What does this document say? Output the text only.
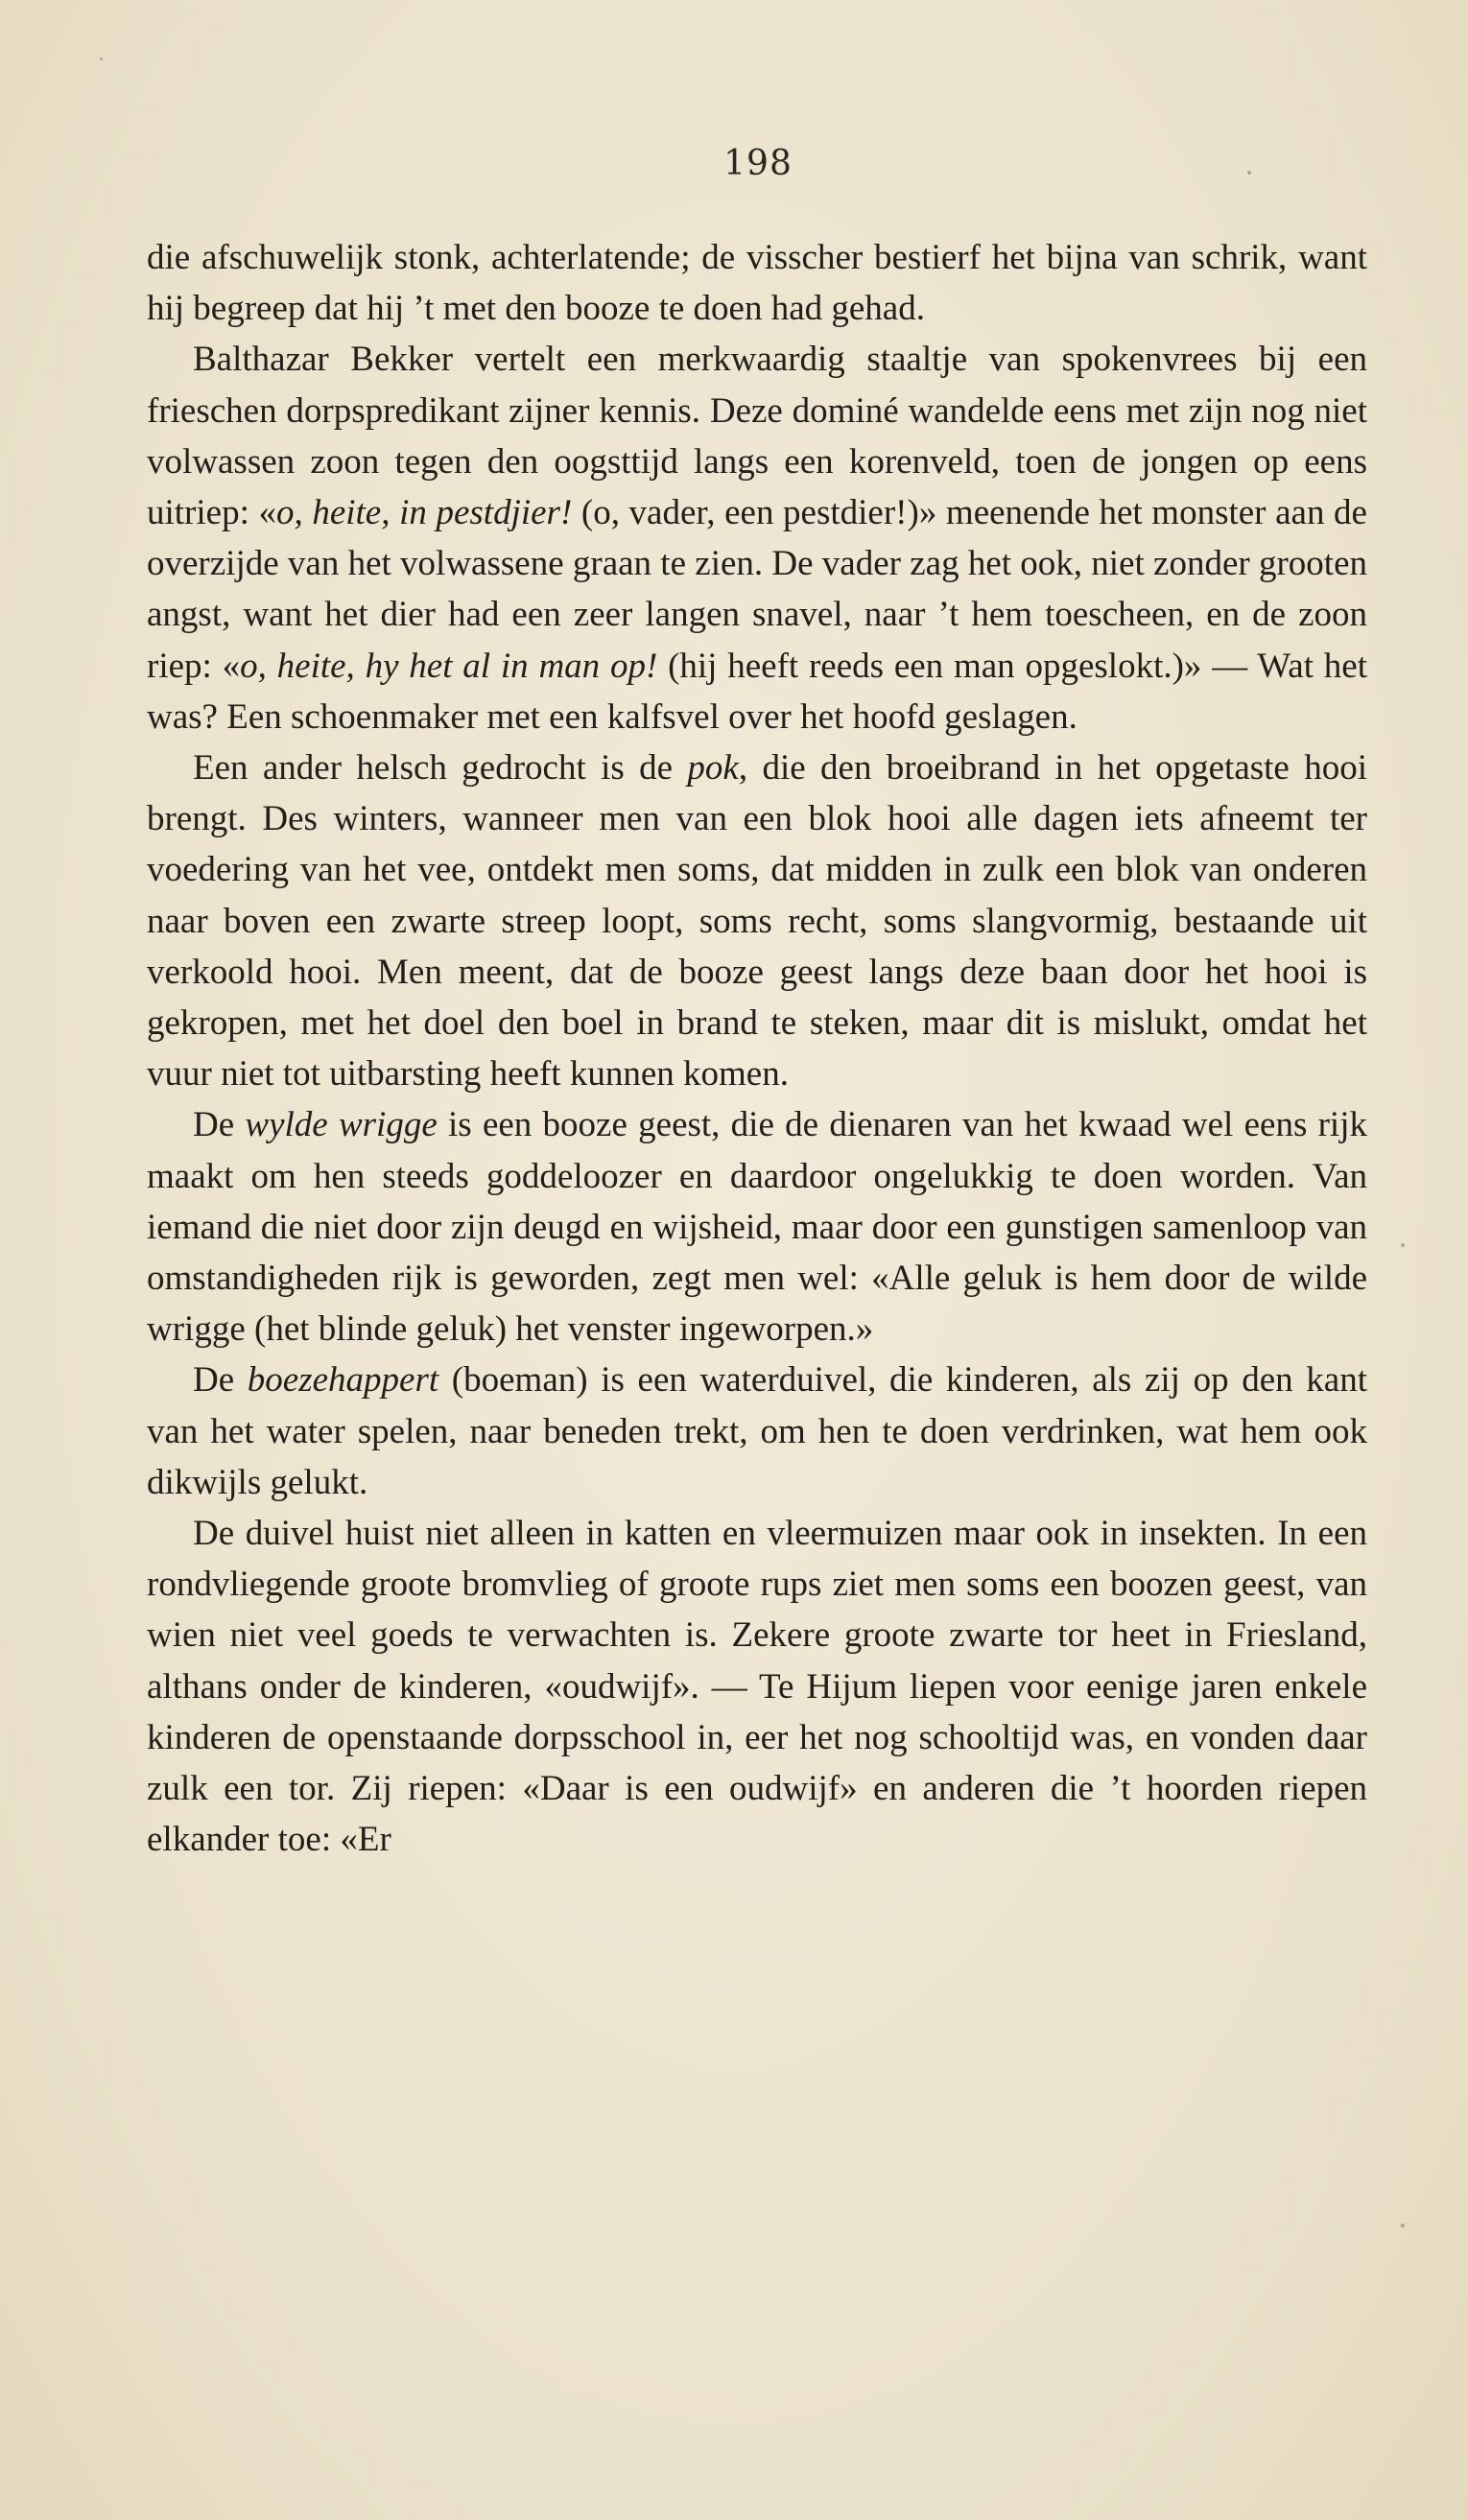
198

die afschuwelijk stonk, achterlatende; de visscher bestierf het bijna van schrik, want hij begreep dat hij ’t met den booze te doen had gehad.

Balthazar Bekker vertelt een merkwaardig staaltje van spokenvrees bij een frieschen dorpspredikant zijner kennis. Deze dominé wandelde eens met zijn nog niet volwassen zoon tegen den oogsttijd langs een korenveld, toen de jongen op eens uitriep: «o, heite, in pestdjier! (o, vader, een pestdier!)» meenende het monster aan de overzijde van het volwassene graan te zien. De vader zag het ook, niet zonder grooten angst, want het dier had een zeer langen snavel, naar ’t hem toescheen, en de zoon riep: «o, heite, hy het al in man op! (hij heeft reeds een man opgeslokt.)» — Wat het was? Een schoenmaker met een kalfsvel over het hoofd geslagen.

Een ander helsch gedrocht is de pok, die den broeibrand in het opgetaste hooi brengt. Des winters, wanneer men van een blok hooi alle dagen iets afneemt ter voedering van het vee, ontdekt men soms, dat midden in zulk een blok van onderen naar boven een zwarte streep loopt, soms recht, soms slangvormig, bestaande uit verkoold hooi. Men meent, dat de booze geest langs deze baan door het hooi is gekropen, met het doel den boel in brand te steken, maar dit is mislukt, omdat het vuur niet tot uitbarsting heeft kunnen komen.

De wylde wrigge is een booze geest, die de dienaren van het kwaad wel eens rijk maakt om hen steeds goddeloozer en daardoor ongelukkig te doen worden. Van iemand die niet door zijn deugd en wijsheid, maar door een gunstigen samenloop van omstandigheden rijk is geworden, zegt men wel: «Alle geluk is hem door de wilde wrigge (het blinde geluk) het venster ingeworpen.»

De boezehappert (boeman) is een waterduivel, die kinderen, als zij op den kant van het water spelen, naar beneden trekt, om hen te doen verdrinken, wat hem ook dikwijls gelukt.

De duivel huist niet alleen in katten en vleermuizen maar ook in insekten. In een rondvliegende groote bromvlieg of groote rups ziet men soms een boozen geest, van wien niet veel goeds te verwachten is. Zekere groote zwarte tor heet in Friesland, althans onder de kinderen, «oudwijf». — Te Hijum liepen voor eenige jaren enkele kinderen de openstaande dorpsschool in, eer het nog schooltijd was, en vonden daar zulk een tor. Zij riepen: «Daar is een oudwijf» en anderen die ’t hoorden riepen elkander toe: «Er
